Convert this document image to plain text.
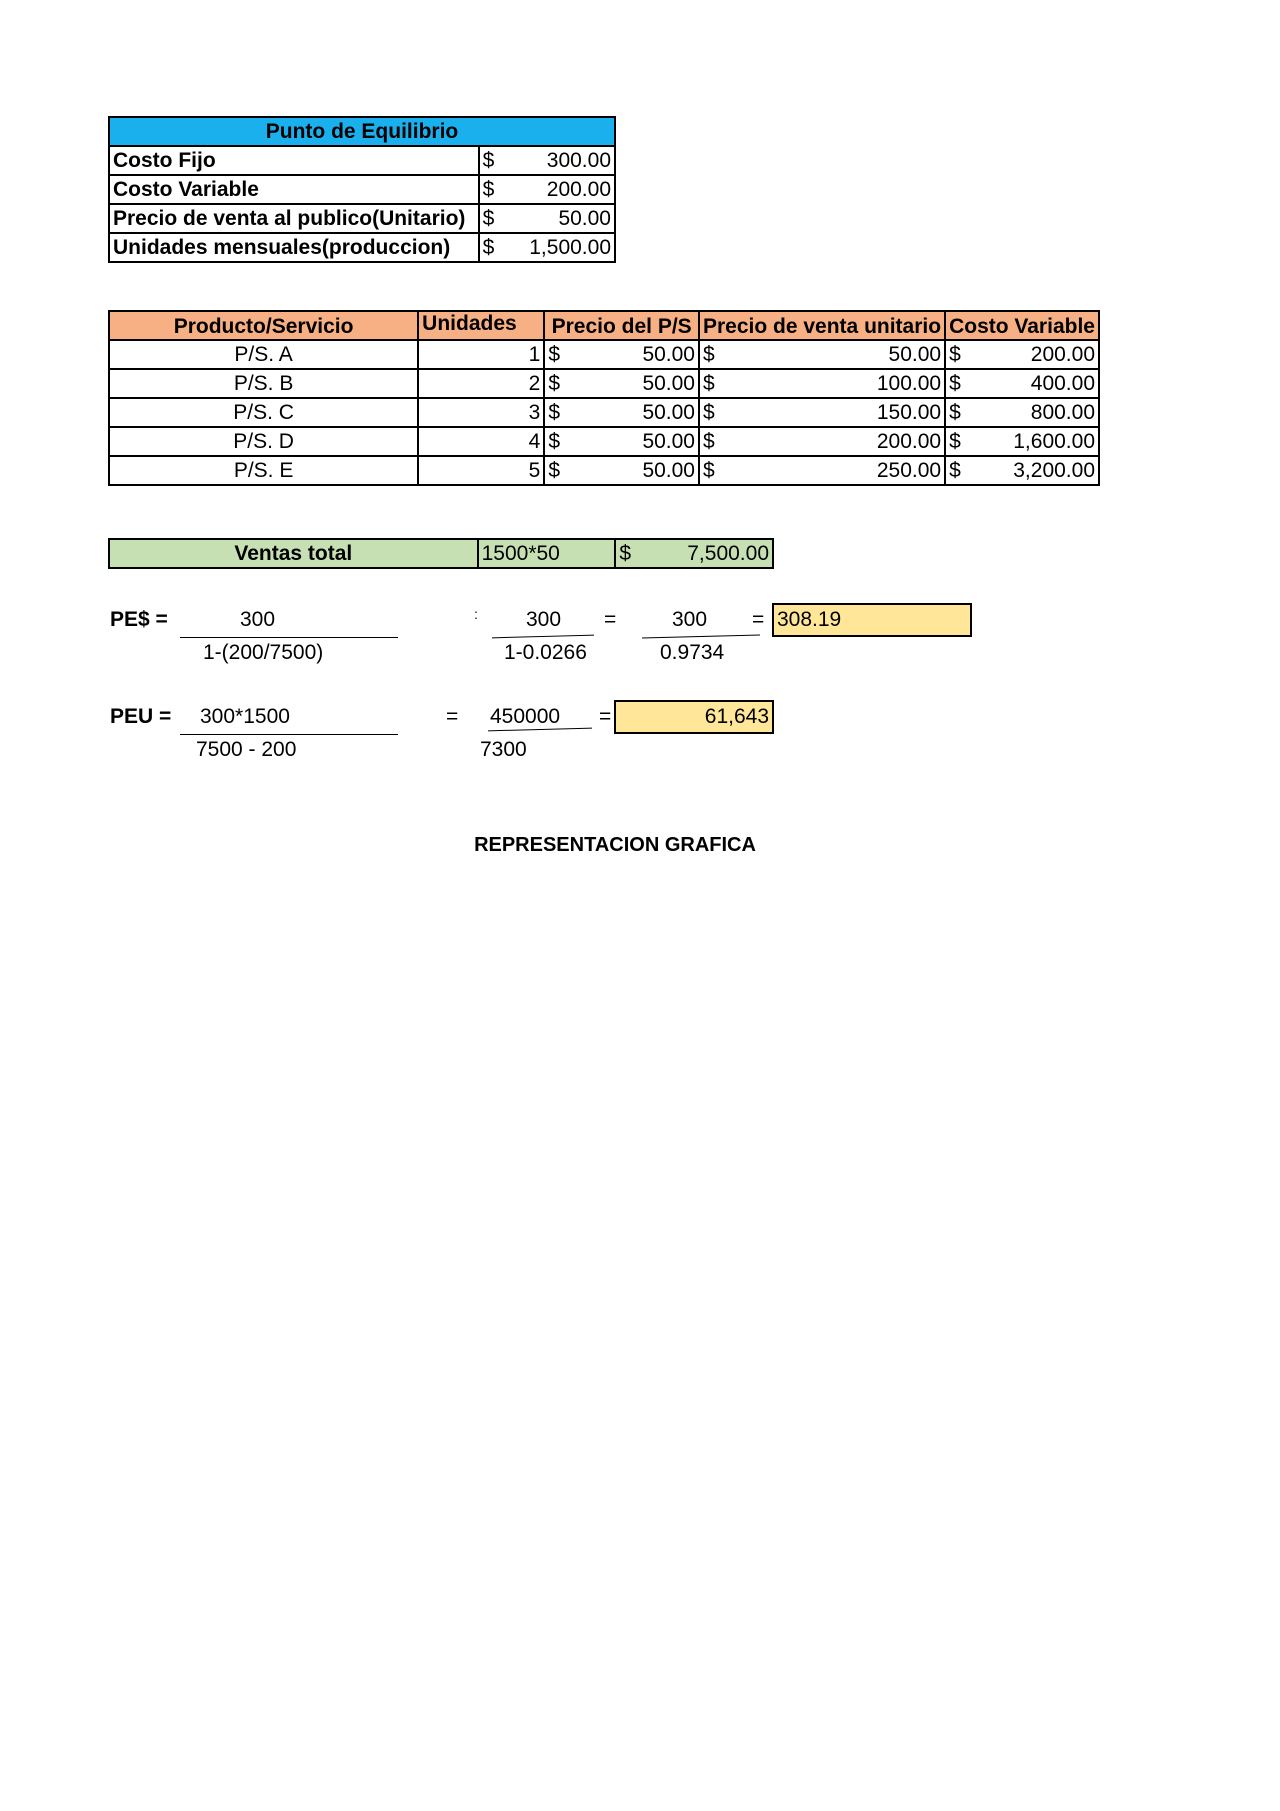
Punto de Equilibrio	
Costo Fijo	$ 300.00

Costo Variable	$ 200.00

Precio de venta al publico(Unitario)	$ 50.00

Unidades mensuales(produccion)	$ 1,500.00
Producto/Servicio	Unidades	Precio del P/S	Precio de venta unitario	Costo Variable
P/S. A	1	$ 50.00	$ 50.00	$ 200.00

P/S. B	2	$ 50.00	$ 100.00	$ 400.00

P/S. C	3	$ 50.00	$ 150.00	$ 800.00

P/S. D	4	$ 50.00	$ 200.00	$ 1,600.00

P/S. E	5	$ 50.00	$ 250.00	$ 3,200.00
Ventas total	1500*50	$	7,500.00
PE$ =	300
1-(200/7500)
: 300
1-0.0266
=	300
0.9734
= 308.19
PEU = 300*1500
7500 - 200
= 450000
7300
=	61,643
REPRESENTACION GRAFICA
